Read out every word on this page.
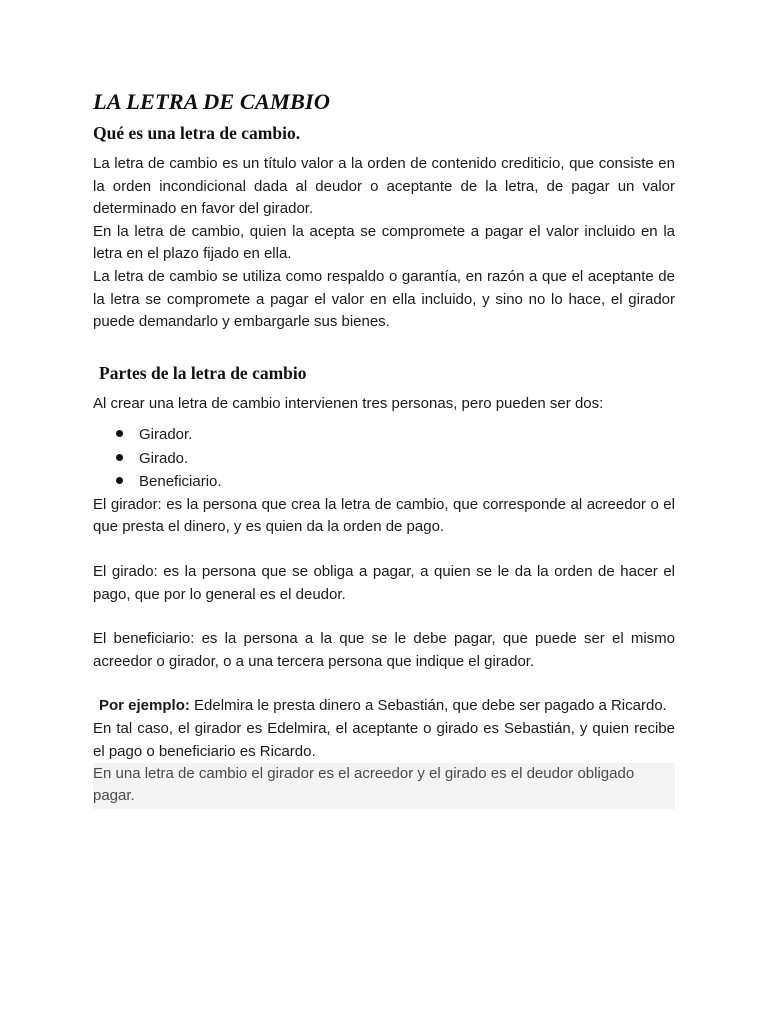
LA LETRA DE CAMBIO
Qué es una letra de cambio.

La letra de cambio es un título valor a la orden de contenido crediticio, que consiste en la orden incondicional dada al deudor o aceptante de la letra, de pagar un valor determinado en favor del girador.

En la letra de cambio, quien la acepta se compromete a pagar el valor incluido en la letra en el plazo fijado en ella.

La letra de cambio se utiliza como respaldo o garantía, en razón a que el aceptante de la letra se compromete a pagar el valor en ella incluido, y sino no lo hace, el girador puede demandarlo y embargarle sus bienes.

Partes de la letra de cambio

Al crear una letra de cambio intervienen tres personas, pero pueden ser dos:

Girador.
Girado.
Beneficiario.

El girador: es la persona que crea la letra de cambio, que corresponde al acreedor o el que presta el dinero, y es quien da la orden de pago.

El girado: es la persona que se obliga a pagar, a quien se le da la orden de hacer el pago, que por lo general es el deudor.

El beneficiario: es la persona a la que se le debe pagar, que puede ser el mismo acreedor o girador, o a una tercera persona que indique el girador.

Por ejemplo: Edelmira le presta dinero a Sebastián, que debe ser pagado a Ricardo.

En tal caso, el girador es Edelmira, el aceptante o girado es Sebastián, y quien recibe el pago o beneficiario es Ricardo.

En una letra de cambio el girador es el acreedor y el girado es el deudor obligado pagar.
